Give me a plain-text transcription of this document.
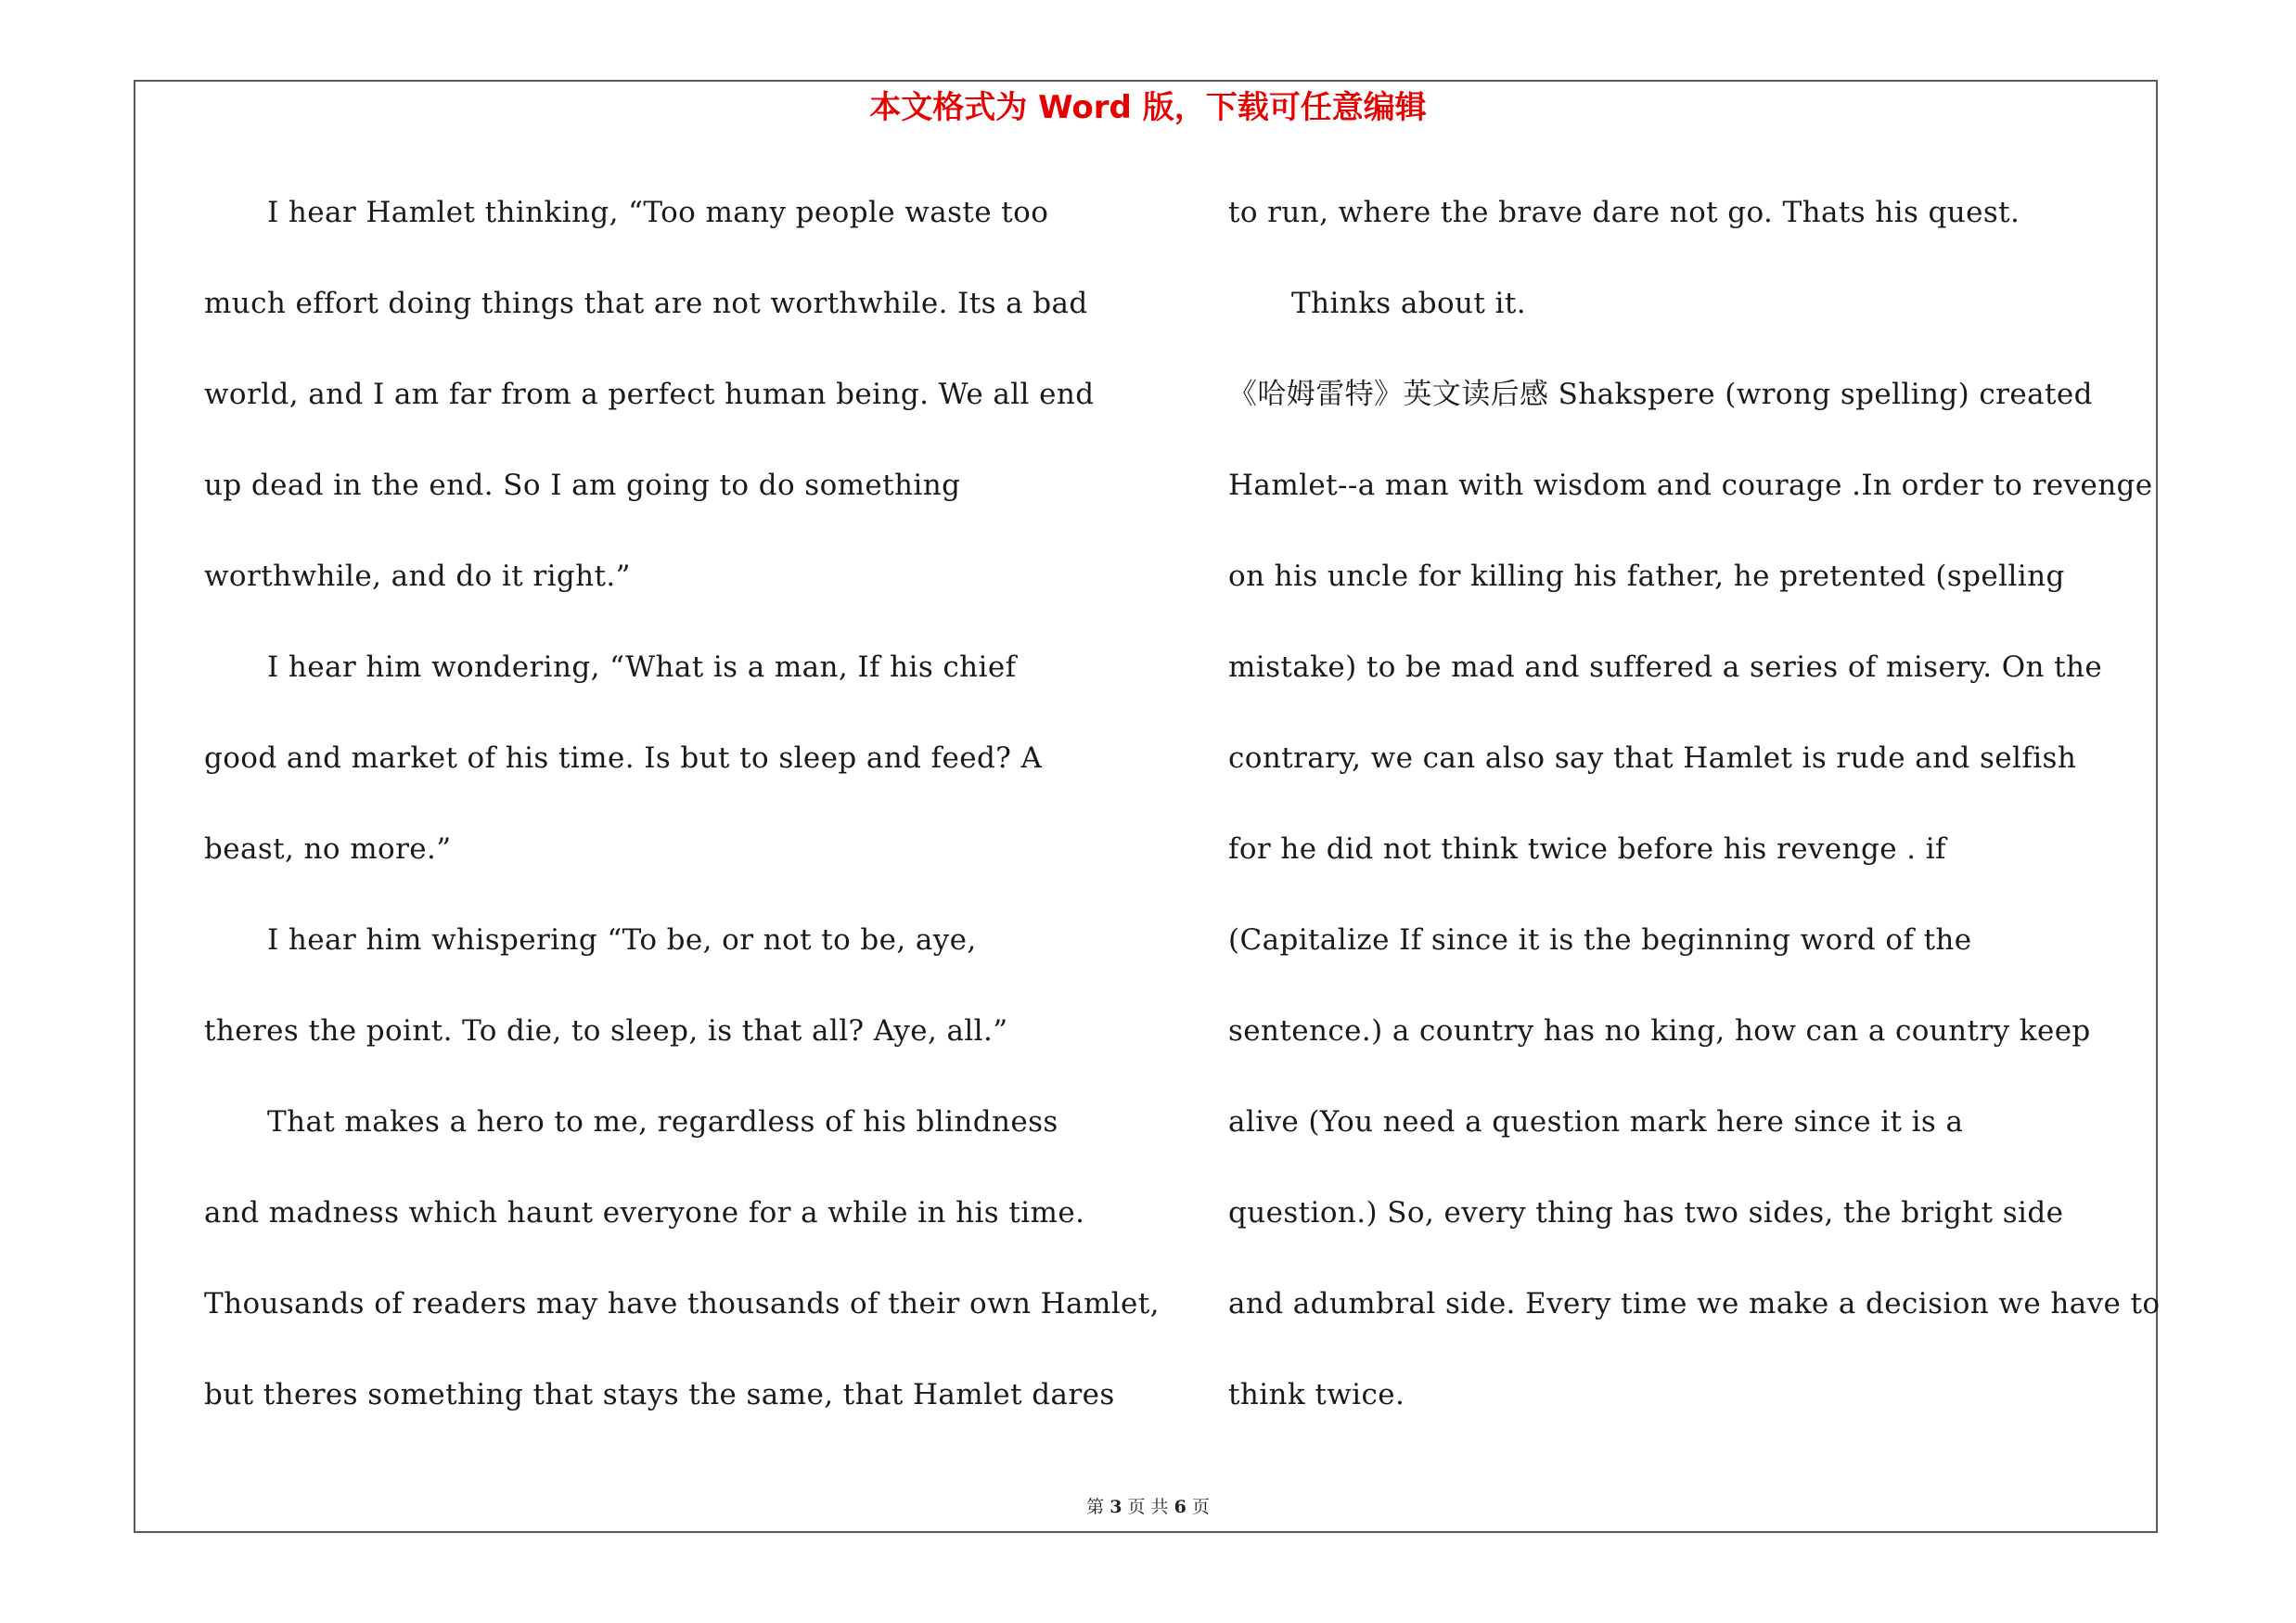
本文格式为 Word 版，下载可任意编辑
I hear Hamlet thinking, “Too many people waste too
much effort doing things that are not worthwhile. Its a bad
world, and I am far from a perfect human being. We all end
up dead in the end. So I am going to do something
worthwhile, and do it right.”
I hear him wondering, “What is a man, If his chief
good and market of his time. Is but to sleep and feed? A
beast, no more.”
I hear him whispering “To be, or not to be, aye,
theres the point. To die, to sleep, is that all? Aye, all.”
That makes a hero to me, regardless of his blindness
and madness which haunt everyone for a while in his time.
Thousands of readers may have thousands of their own Hamlet,
but theres something that stays the same, that Hamlet dares
to run, where the brave dare not go. Thats his quest.
Thinks about it.
《哈姆雷特》英文读后感 Shakspere (wrong spelling) created
Hamlet--a man with wisdom and courage .In order to revenge
on his uncle for killing his father, he pretented (spelling
mistake) to be mad and suffered a series of misery. On the
contrary, we can also say that Hamlet is rude and selfish
for he did not think twice before his revenge . if
(Capitalize If since it is the beginning word of the
sentence.) a country has no king, how can a country keep
alive (You need a question mark here since it is a
question.) So, every thing has two sides, the bright side
and adumbral side. Every time we make a decision we have to
think twice.
第 3 页 共 6 页
